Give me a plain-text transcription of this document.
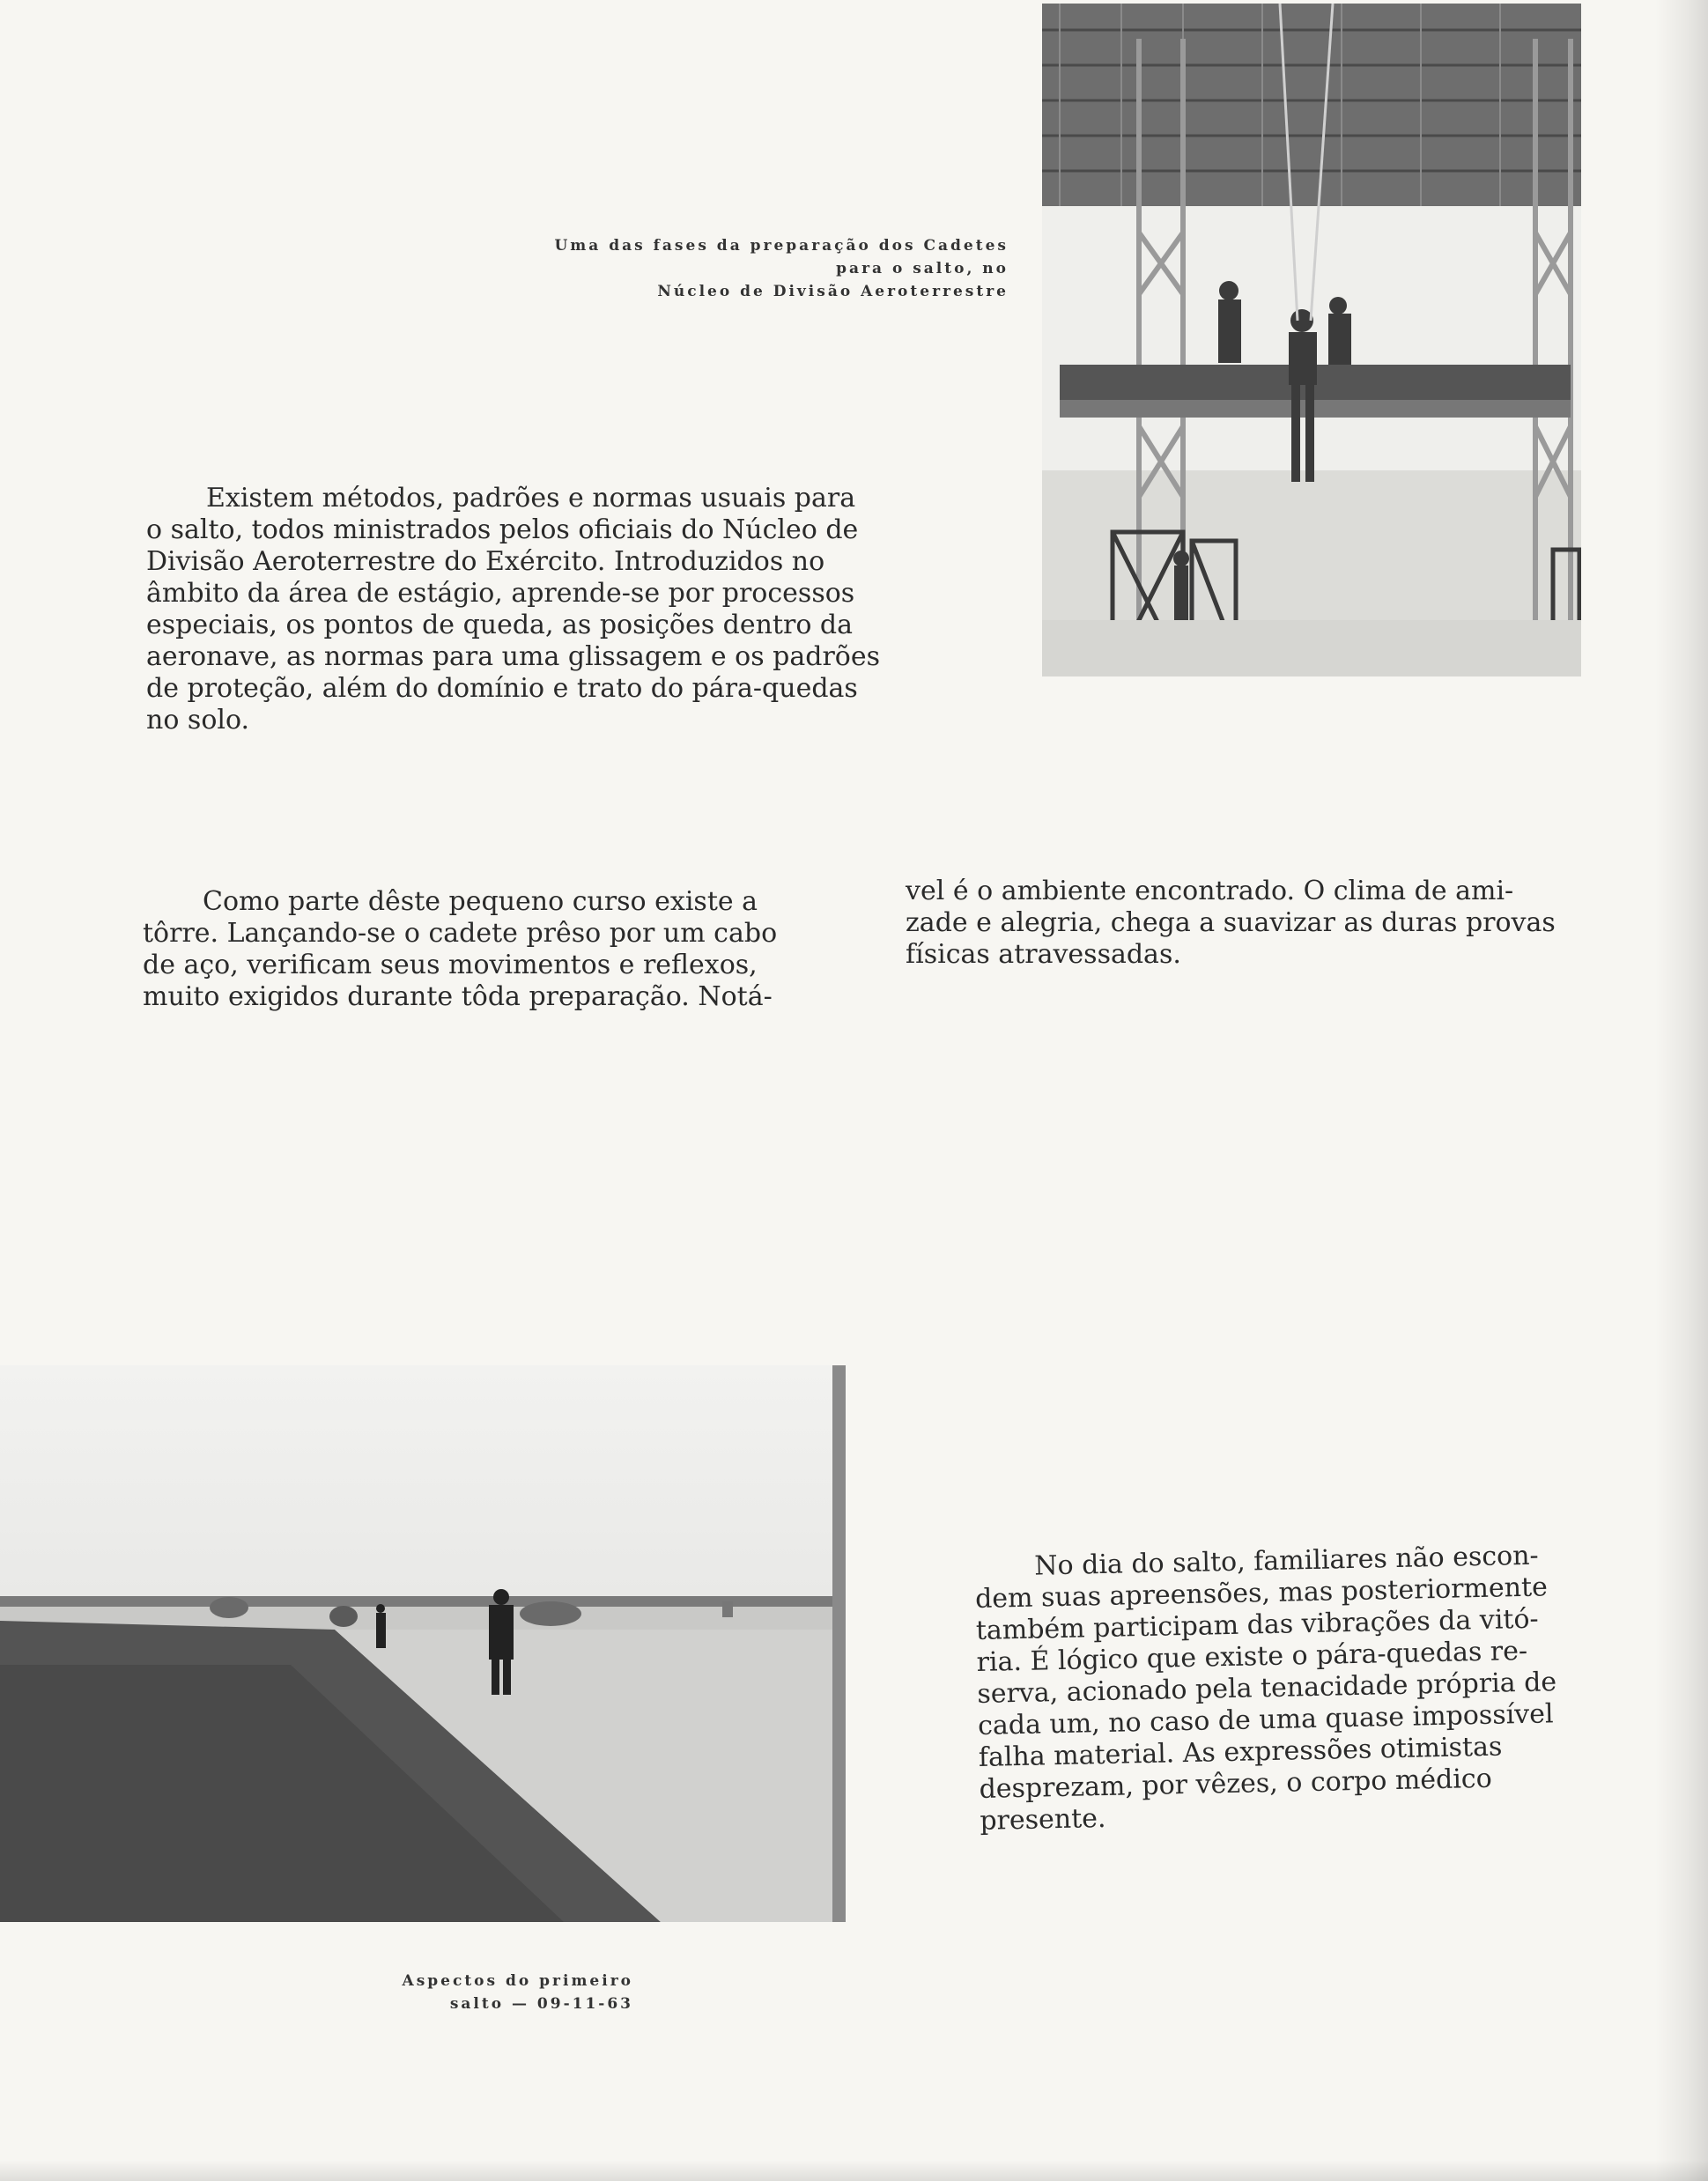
Uma das fases da preparação dos Cadetes
para o salto, no
Núcleo de Divisão Aeroterrestre
Existem métodos, padrões e normas usuais para
o salto, todos ministrados pelos oficiais do Núcleo de
Divisão Aeroterrestre do Exército. Introduzidos no
âmbito da área de estágio, aprende-se por processos
especiais, os pontos de queda, as posições dentro da
aeronave, as normas para uma glissagem e os padrões
de proteção, além do domínio e trato do pára-quedas
no solo.
Como parte dêste pequeno curso existe a
tôrre. Lançando-se o cadete prêso por um cabo
de aço, verificam seus movimentos e reflexos,
muito exigidos durante tôda preparação. Notá-
vel é o ambiente encontrado. O clima de ami-
zade e alegria, chega a suavizar as duras provas
físicas atravessadas.
No dia do salto, familiares não escon-
dem suas apreensões, mas posteriormente
também participam das vibrações da vitó-
ria. É lógico que existe o pára-quedas re-
serva, acionado pela tenacidade própria de
cada um, no caso de uma quase impossível
falha material. As expressões otimistas
desprezam, por vêzes, o corpo médico
presente.
Aspectos do primeiro
salto — 09-11-63
